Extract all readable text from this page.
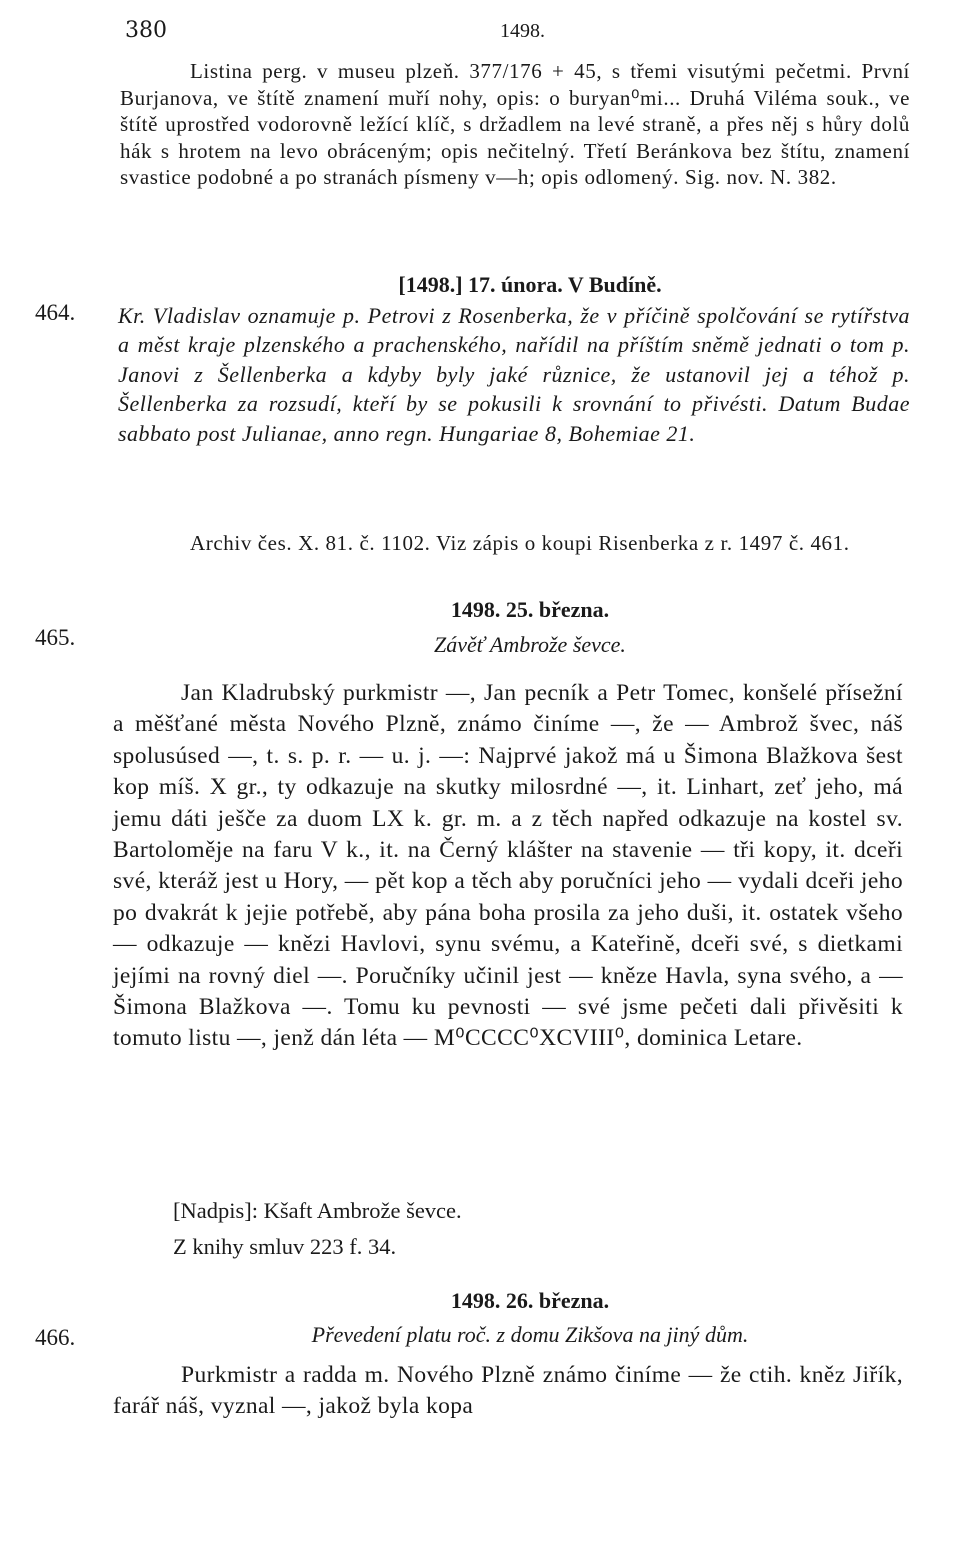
380	1498.

Listina perg. v museu plzeň. 377/176 + 45, s třemi visutými pečetmi. První Burjanova, ve štítě znamení muří nohy, opis: o buryan⁰mi... Druhá Viléma souk., ve štítě uprostřed vodorovně ležící klíč, s držadlem na levé straně, a přes něj s hůry dolů hák s hrotem na levo obráceným; opis nečitelný. Třetí Beránkova bez štítu, znamení svastice podobné a po stranách písmeny v—h; opis odlomený. Sig. nov. N. 382.

464.
[1498.] 17. února. V Budíně.

Kr. Vladislav oznamuje p. Petrovi z Rosenberka, že v příčině spolčování se rytířstva a měst kraje plzenského a prachenského, nařídil na příštím sněmě jednati o tom p. Janovi z Šellenberka a kdyby byly jaké různice, že ustanovil jej a téhož p. Šellenberka za rozsudí, kteří by se pokusili k srovnání to přivésti. Datum Budae sabbato post Julianae, anno regn. Hungariae 8, Bohemiae 21.

Archiv čes. X. 81. č. 1102. Viz zápis o koupi Risenberka z r. 1497 č. 461.

465.
1498. 25. března.
Závěť Ambrože ševce.

Jan Kladrubský purkmistr —, Jan pecník a Petr Tomec, konšelé přísežní a měšťané města Nového Plzně, známo činíme —, že — Ambrož švec, náš spolusúsed —, t. s. p. r. — u. j. —: Najprvé jakož má u Šimona Blažkova šest kop míš. X gr., ty odkazuje na skutky milosrdné —, it. Linhart, zeť jeho, má jemu dáti ješče za duom LX k. gr. m. a z těch napřed odkazuje na kostel sv. Bartoloměje na faru V k., it. na Černý klášter na stavenie — tři kopy, it. dceři své, kteráž jest u Hory, — pět kop a těch aby poručníci jeho — vydali dceři jeho po dvakrát k jejie potřebě, aby pána boha prosila za jeho duši, it. ostatek všeho — odkazuje — knězi Havlovi, synu svému, a Kateřině, dceři své, s dietkami jejími na rovný diel —. Poručníky učinil jest — kněze Havla, syna svého, a — Šimona Blažkova —. Tomu ku pevnosti — své jsme pečeti dali přivěsiti k tomuto listu —, jenž dán léta — M⁰CCCC⁰XCVIII⁰, dominica Letare.

[Nadpis]: Kšaft Ambrože ševce.
Z knihy smluv 223 f. 34.
1498. 26. března.
466.	Převedení platu roč. z domu Zikšova na jiný dům.

Purkmistr a radda m. Nového Plzně známo činíme — že ctih. kněz Jiřík, farář náš, vyznal —, jakož byla kopa
